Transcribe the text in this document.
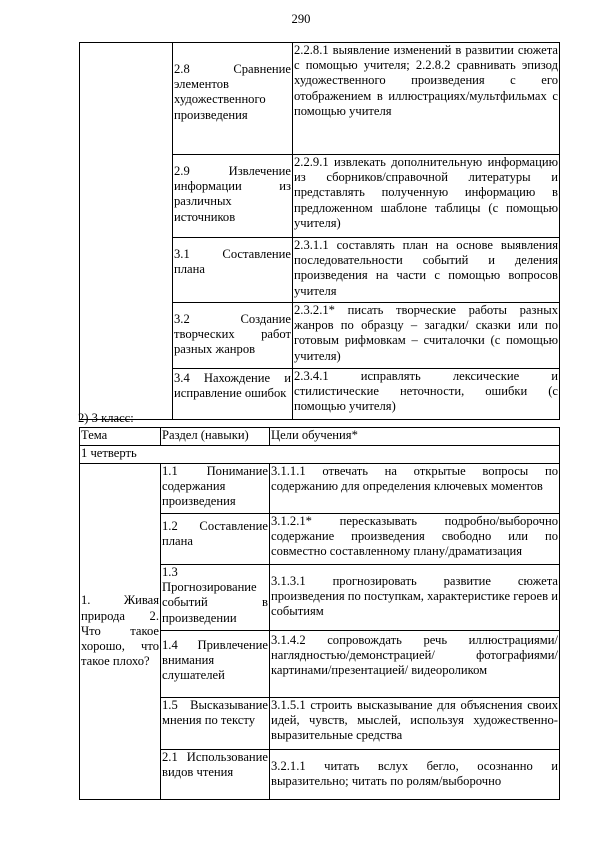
290
	2.8 Сравнение элементов художественного произведения	2.2.8.1 выявление изменений в развитии сюжета с помощью учителя; 2.2.8.2 сравнивать эпизод художественного произведения с его отображением в иллюстрациях/мультфильмах с помощью учителя
	2.9 Извлечение информации из различных источников	2.2.9.1 извлекать дополнительную информацию из сборников/справочной литературы и представлять полученную информацию в предложенном шаблоне таблицы (с помощью учителя)
	3.1 Составление плана	2.3.1.1 составлять план на основе выявления последовательности событий и деления произведения на части с помощью вопросов учителя
	3.2 Создание творческих работ разных жанров	2.3.2.1* писать творческие работы разных жанров по образцу – загадки/ сказки или по готовым рифмовкам – считалочки (с помощью учителя)
	3.4 Нахождение и исправление ошибок	2.3.4.1 исправлять лексические и стилистические неточности, ошибки (с помощью учителя)
2) 3 класс:
Тема	Раздел (навыки)	Цели обучения*
1 четверть		
1. Живая природа 2. Что такое хорошо, что такое плохо?	1.1 Понимание содержания произведения	3.1.1.1 отвечать на открытые вопросы по содержанию для определения ключевых моментов
	1.2 Составление плана	3.1.2.1* пересказывать подробно/выборочно содержание произведения свободно или по совместно составленному плану/драматизация
	1.3 Прогнозирование событий в произведении	3.1.3.1 прогнозировать развитие сюжета произведения по поступкам, характеристике героев и событиям
	1.4 Привлечение внимания слушателей	3.1.4.2 сопровождать речь иллюстрациями/наглядностью/демонстрацией/ фотографиями/картинами/презентацией/ видеороликом
	1.5 Высказывание мнения по тексту	3.1.5.1 строить высказывание для объяснения своих идей, чувств, мыслей, используя художественно-выразительные средства
	2.1 Использование видов чтения	3.2.1.1 читать вслух бегло, осознанно и выразительно; читать по ролям/выборочно
